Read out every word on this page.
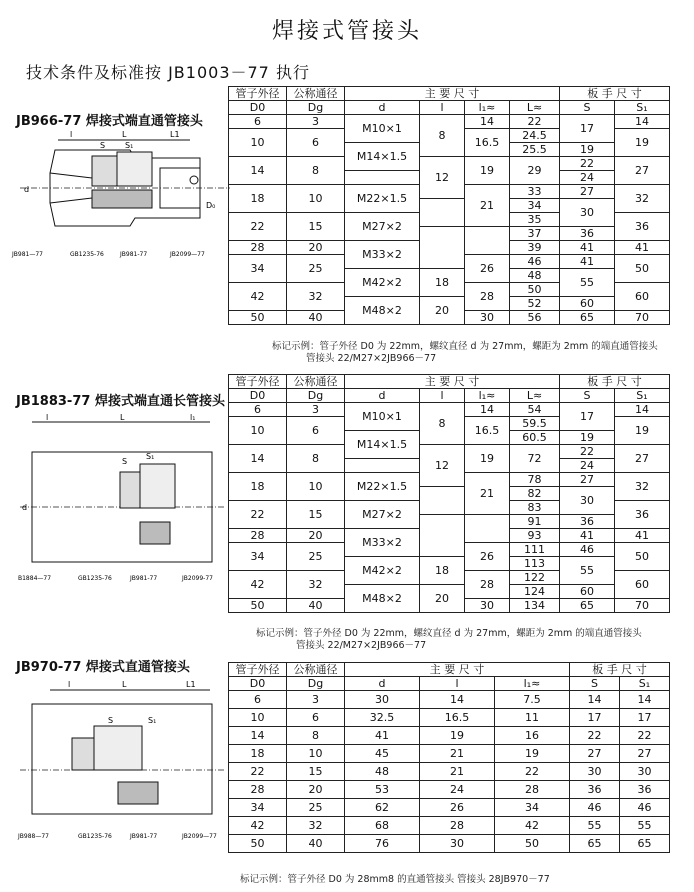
焊接式管接头
技术条件及标准按 JB1003－77 执行
JB966-77 焊接式端直通管接头
l	L	L1
S S₁
d
D₀
JB981—77	GB1235-76	JB981-77	JB2099—77
管子外径	公称通径	主 要 尺 寸				板 手 尺 寸	
D0	Dg	d	l	l₁≈	L≈	S	S₁
6	3	M10×1	8	14	22	17	14
10	6			16.5	24.5		19
		M14×1.5			25.5	19	
14	8		12	19	29	22	27
						24	
18	10	M22×1.5		21	33	27	32
					34	30	
22	15	M27×2			35		36
					37	36	
28	20	M33×2			39	41	41
34	25			26	46	41	50
		M42×2	18		48	55	
42	32			28	50		60
		M48×2	20		52	60	
50	40			30	56	65	70
标记示例：管子外径 D0 为 22mm，螺纹直径 d 为 27mm，螺距为 2mm 的端直通管接头
管接头 22/M27×2JB966－77
JB1883-77 焊接式端直通长管接头
l	L	l₁
S
S₁
d
B1884—77	GB1235-76	JB981-77	JB2099-77
管子外径	公称通径	主 要 尺 寸				板 手 尺 寸	
D0	Dg	d	l	l₁≈	L≈	S	S₁
6	3	M10×1	8	14	54	17	14
10	6			16.5	59.5		19
		M14×1.5			60.5	19	
14	8		12	19	72	22	27
						24	
18	10	M22×1.5		21	78	27	32
					82	30	
22	15	M27×2			83		36
					91	36	
28	20	M33×2			93	41	41
34	25			26	111	46	50
		M42×2	18		113	55	
42	32			28	122		60
		M48×2	20		124	60	
50	40			30	134	65	70
标记示例：管子外径 D0 为 22mm，螺纹直径 d 为 27mm，螺距为 2mm 的端直通管接头
管接头 22/M27×2JB966－77
JB970-77 焊接式直通管接头
l	L	L1
S	S₁
JB988—77	GB1235-76	JB981-77	JB2099—77
管子外径	公称通径	主 要 尺 寸			板 手 尺 寸	
D0	Dg	d	l	l₁≈	S	S₁
6	3	30	14	7.5	14	14
10	6	32.5	16.5	11	17	17
14	8	41	19	16	22	22
18	10	45	21	19	27	27
22	15	48	21	22	30	30
28	20	53	24	28	36	36
34	25	62	26	34	46	46
42	32	68	28	42	55	55
50	40	76	30	50	65	65
标记示例：管子外径 D0 为 28mm8 的直通管接头 管接头 28JB970－77
